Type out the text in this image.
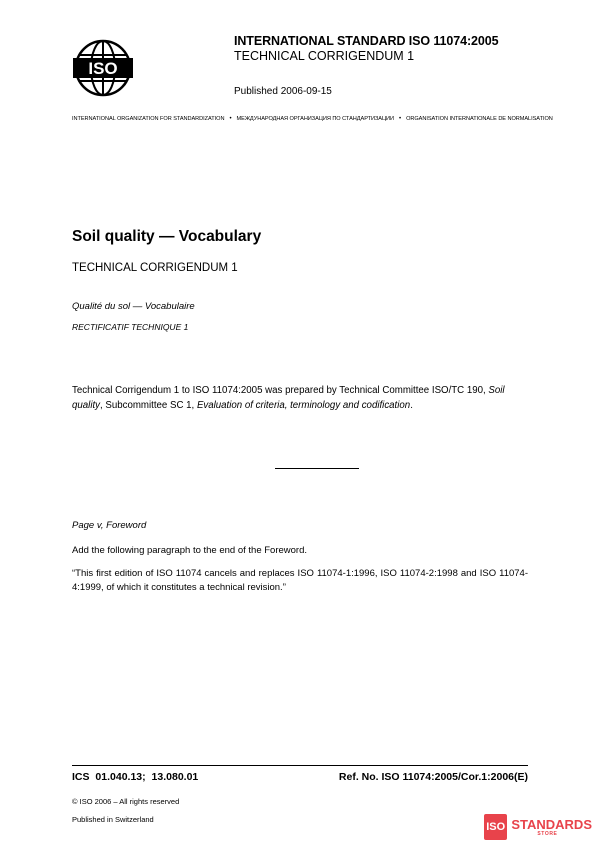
ISO
INTERNATIONAL STANDARD ISO 11074:2005
TECHNICAL CORRIGENDUM 1
Published 2006-09-15
INTERNATIONAL ORGANIZATION FOR STANDARDIZATION • МЕЖДУНАРОДНАЯ ОРГАНИЗАЦИЯ ПО СТАНДАРТИЗАЦИИ • ORGANISATION INTERNATIONALE DE NORMALISATION
Soil quality — Vocabulary
TECHNICAL CORRIGENDUM 1
Qualité du sol — Vocabulaire
RECTIFICATIF TECHNIQUE 1
Technical Corrigendum 1 to ISO 11074:2005 was prepared by Technical Committee ISO/TC 190, Soil quality, Subcommittee SC 1, Evaluation of criteria, terminology and codification.
Page v, Foreword
Add the following paragraph to the end of the Foreword.
“This first edition of ISO 11074 cancels and replaces ISO 11074-1:1996, ISO 11074-2:1998 and ISO 11074-4:1999, of which it constitutes a technical revision.”
ICS 01.040.13; 13.080.01	Ref. No. ISO 11074:2005/Cor.1:2006(E)
© ISO 2006 – All rights reserved
Published in Switzerland
ISO STANDARDS
STORE
